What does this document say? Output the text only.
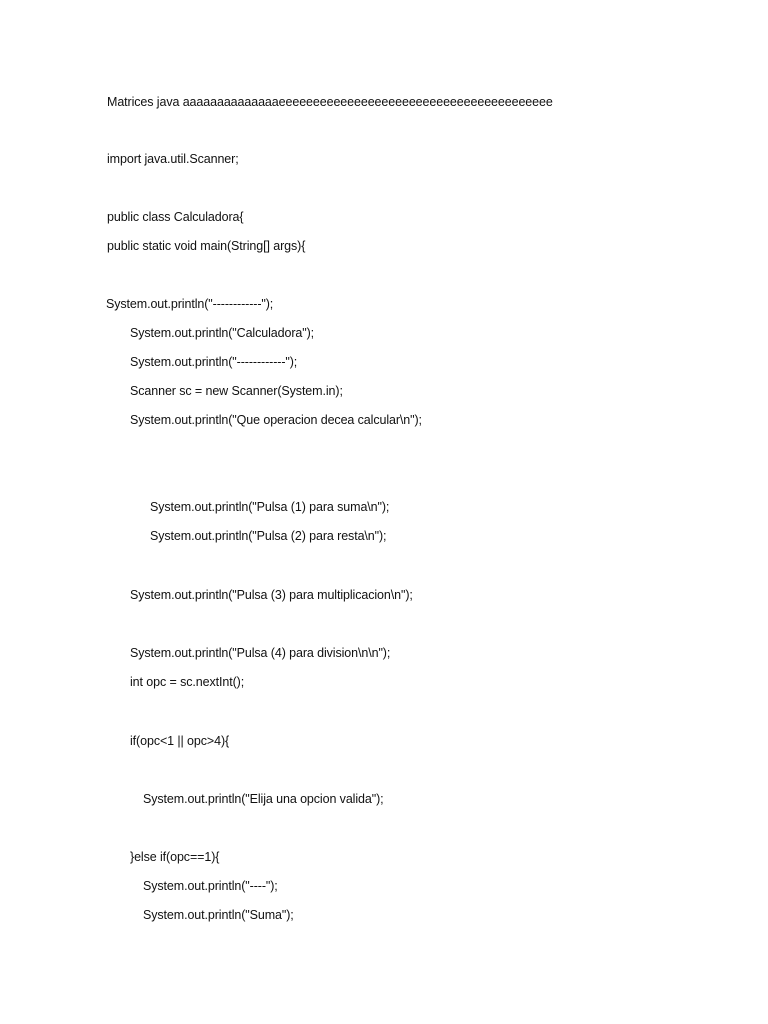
Matrices java aaaaaaaaaaaaaaeeeeeeeeeeeeeeeeeeeeeeeeeeeeeeeeeeeeeeee
import java.util.Scanner;
public class Calculadora{
public static void main(String[] args){
System.out.println("------------");
System.out.println("Calculadora");
System.out.println("------------");
Scanner sc = new Scanner(System.in);
System.out.println("Que operacion decea calcular\n");
System.out.println("Pulsa (1) para suma\n");
System.out.println("Pulsa (2) para resta\n");
System.out.println("Pulsa (3) para multiplicacion\n");
System.out.println("Pulsa (4) para division\n\n");
int opc = sc.nextInt();
if(opc<1 || opc>4){
System.out.println("Elija una opcion valida");
}else if(opc==1){
System.out.println("----");
System.out.println("Suma");
